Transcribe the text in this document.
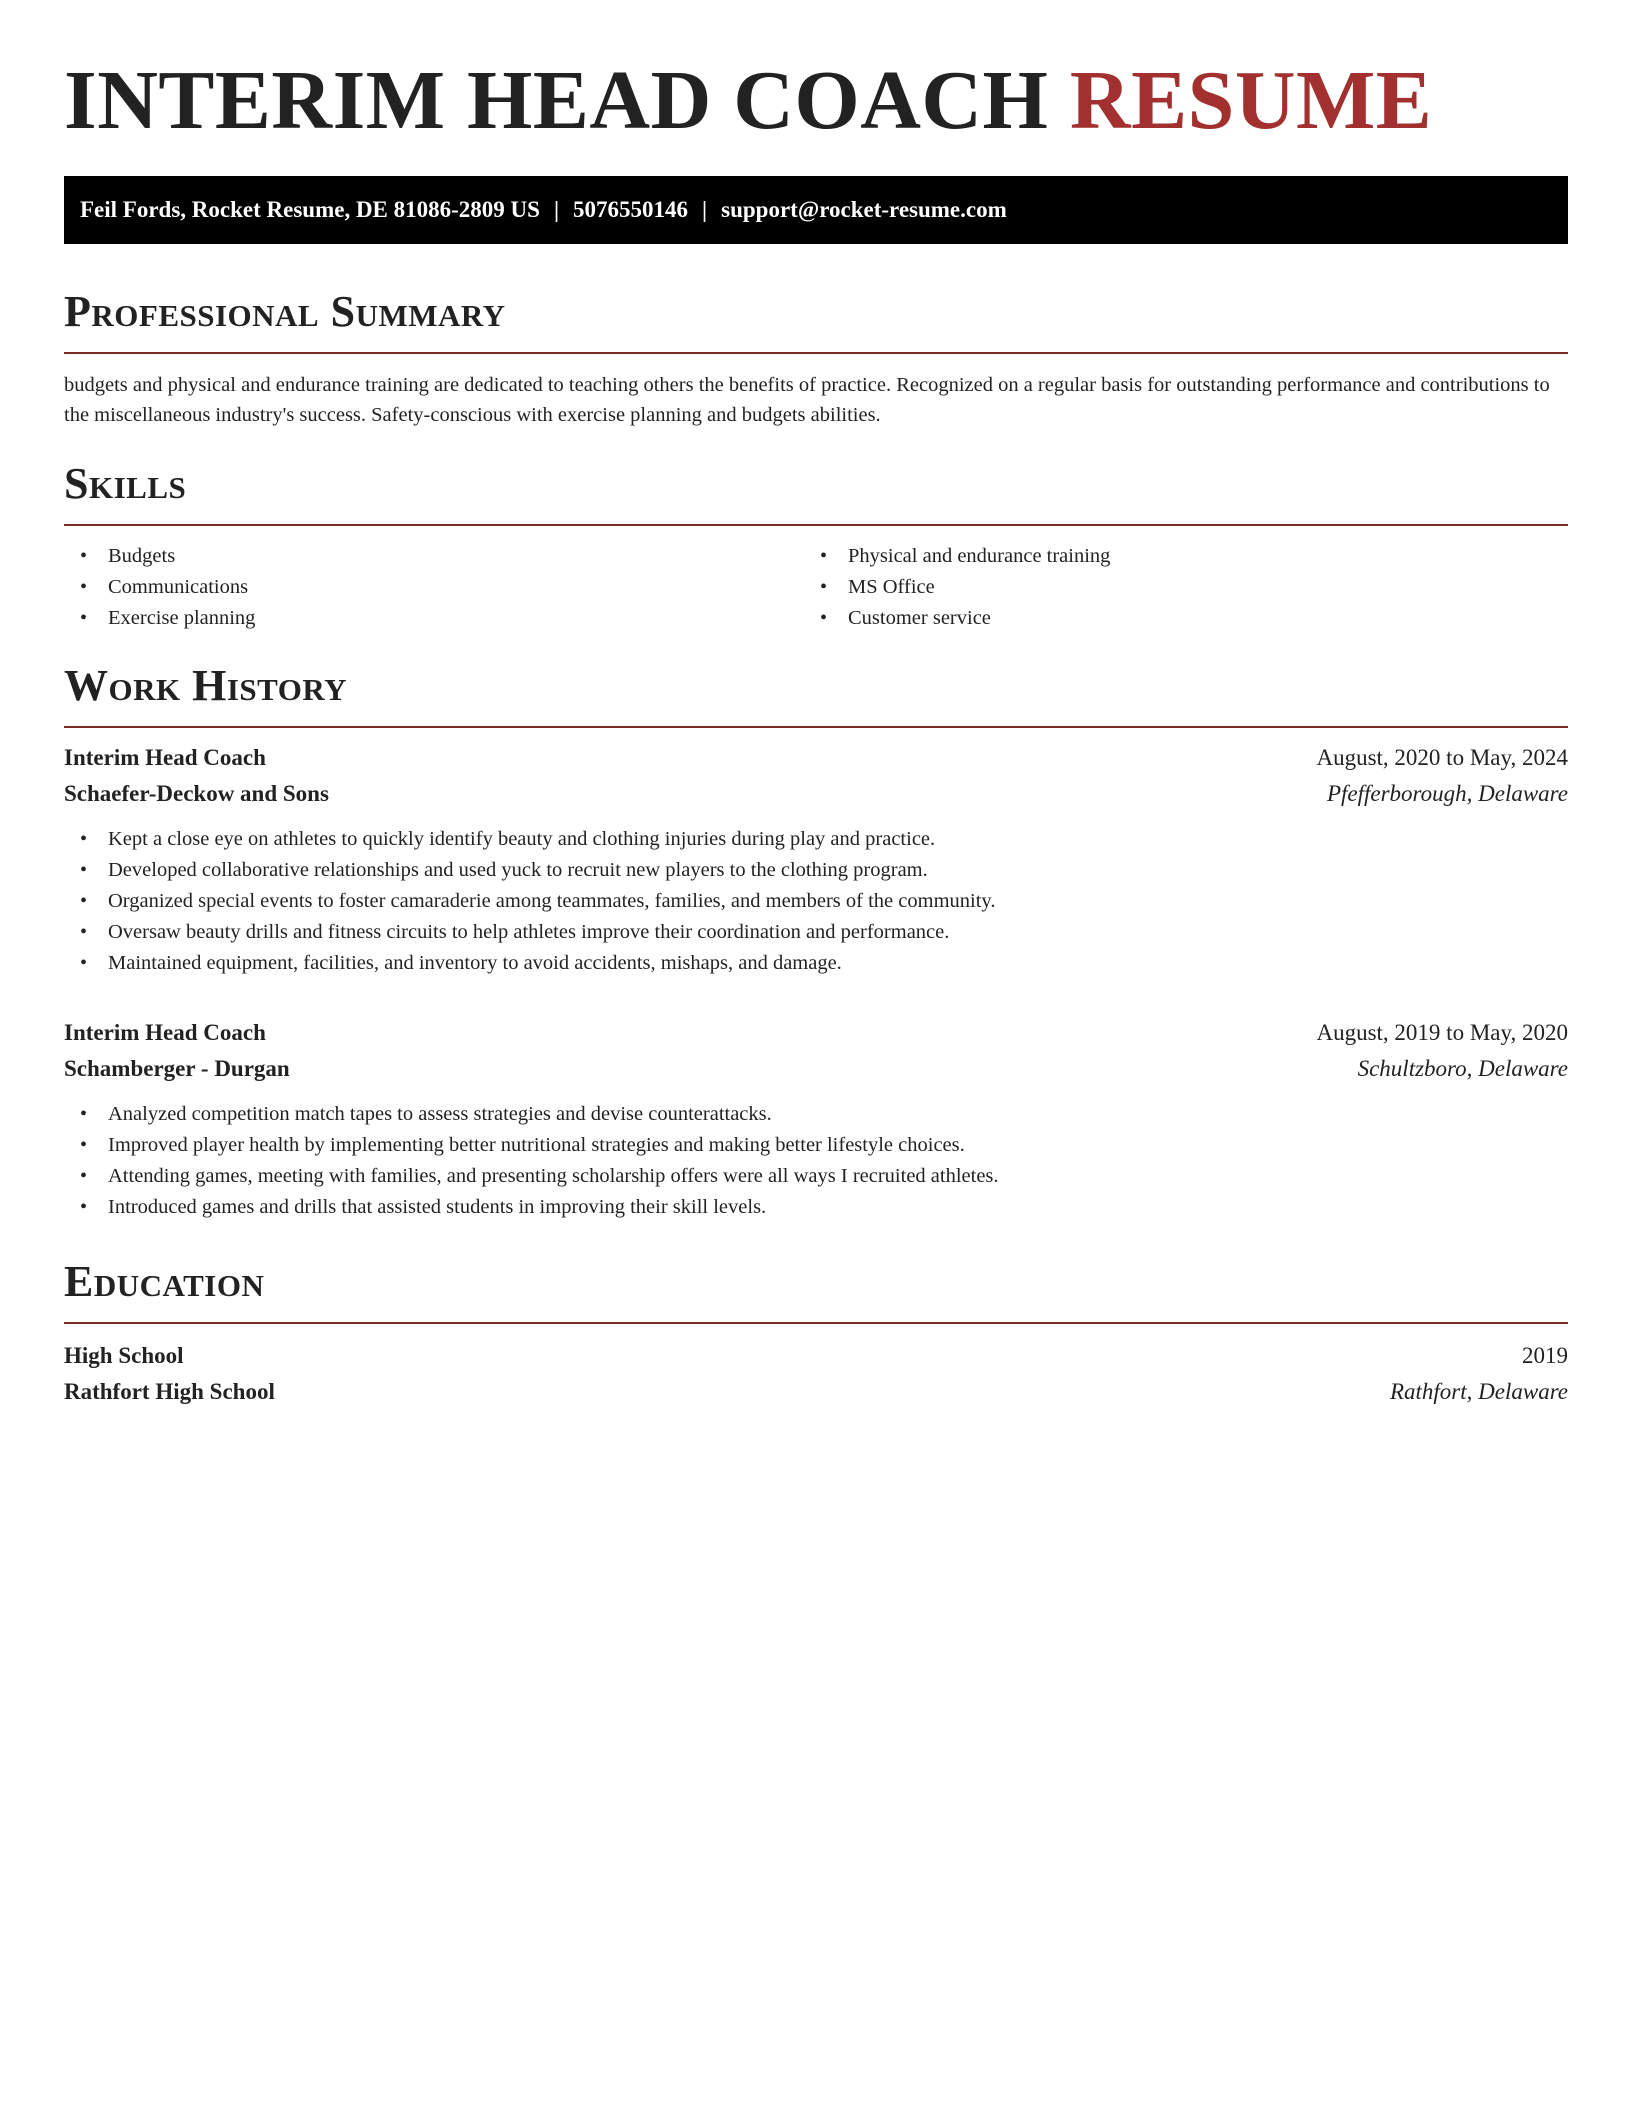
INTERIM HEAD COACH RESUME
Feil Fords, Rocket Resume, DE 81086-2809 US | 5076550146 | support@rocket-resume.com
Professional Summary

budgets and physical and endurance training are dedicated to teaching others the benefits of practice. Recognized on a regular basis for outstanding performance and contributions to the miscellaneous industry's success. Safety-conscious with exercise planning and budgets abilities.

Skills
• Budgets
• Communications
• Exercise planning
• Physical and endurance training
• MS Office
• Customer service
Work History
Interim Head Coach	August, 2020 to May, 2024
Schaefer-Deckow and Sons	Pfefferborough, Delaware
• Kept a close eye on athletes to quickly identify beauty and clothing injuries during play and practice.
• Developed collaborative relationships and used yuck to recruit new players to the clothing program.
• Organized special events to foster camaraderie among teammates, families, and members of the community.
• Oversaw beauty drills and fitness circuits to help athletes improve their coordination and performance.
• Maintained equipment, facilities, and inventory to avoid accidents, mishaps, and damage.
Interim Head Coach	August, 2019 to May, 2020
Schamberger - Durgan	Schultzboro, Delaware
• Analyzed competition match tapes to assess strategies and devise counterattacks.
• Improved player health by implementing better nutritional strategies and making better lifestyle choices.
• Attending games, meeting with families, and presenting scholarship offers were all ways I recruited athletes.
• Introduced games and drills that assisted students in improving their skill levels.
Education
High School	2019
Rathfort High School	Rathfort, Delaware
